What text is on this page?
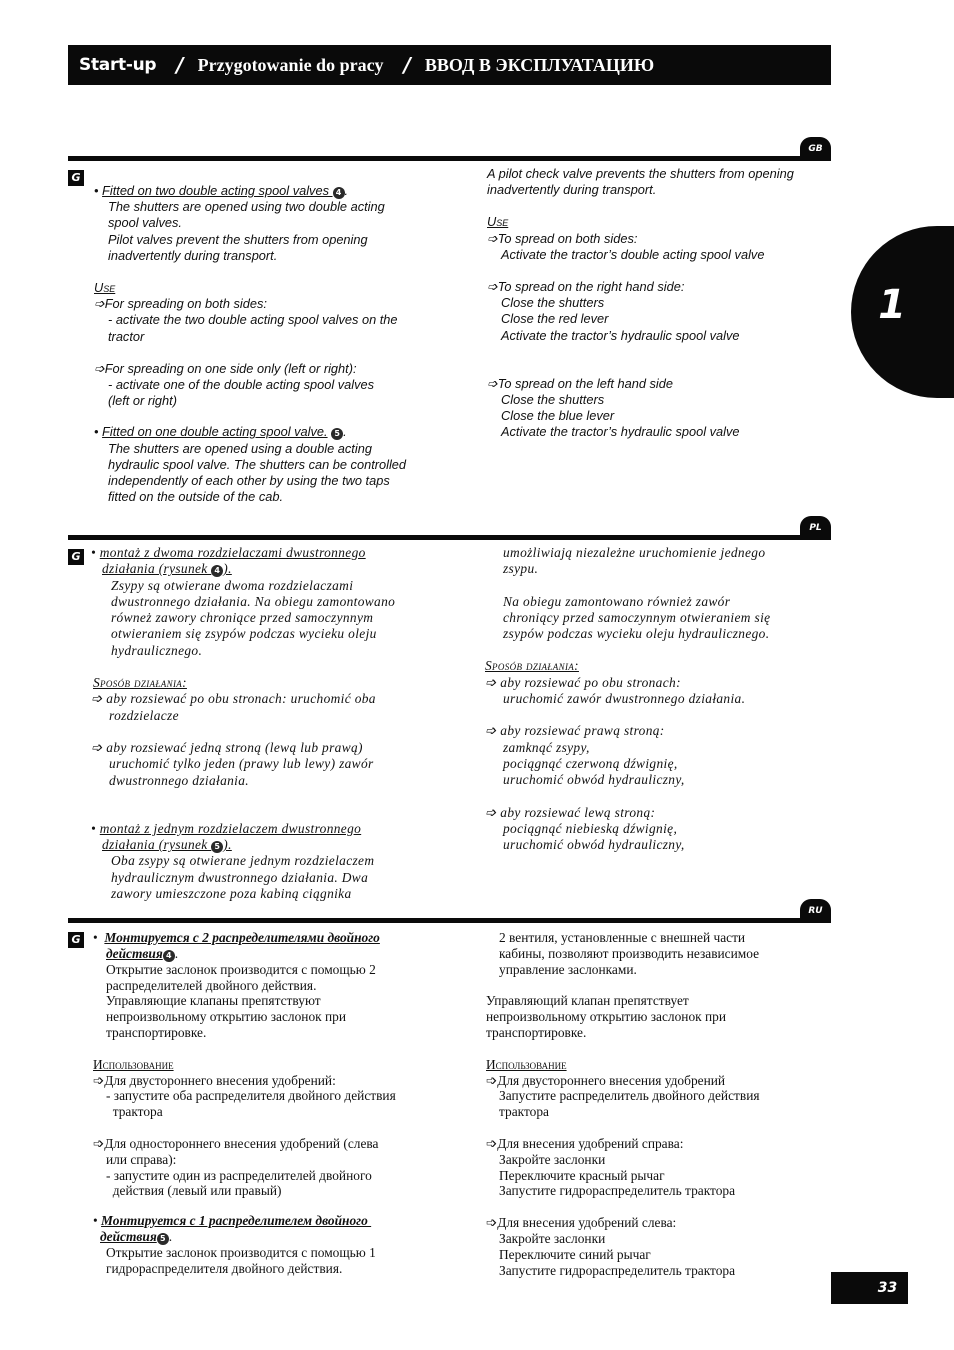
Start-up / Przygotowanie do pracy / ВВОД В ЭКСПЛУАТАЦИЮ
1
GB
G
• Fitted on two double acting spool valves 4 .
The shutters are opened using two double acting
spool valves.
Pilot valves prevent the shutters from opening
inadvertently during transport.
Use
➩For spreading on both sides:
- activate the two double acting spool valves on the
tractor
➩For spreading on one side only (left or right):
- activate one of the double acting spool valves
(left or right)
• Fitted on one double acting spool valve. 5 .
The shutters are opened using a double acting
hydraulic spool valve. The shutters can be controlled
independently of each other by using the two taps
fitted on the outside of the cab.
A pilot check valve prevents the shutters from opening
inadvertently during transport.
Use
➩To spread on both sides:
Activate the tractor’s double acting spool valve
➩To spread on the right hand side:
Close the shutters
Close the red lever
Activate the tractor’s hydraulic spool valve
➩To spread on the left hand side
Close the shutters
Close the blue lever
Activate the tractor’s hydraulic spool valve
PL
G • montaż z dwoma rozdzielaczami dwustronnego
działania (rysunek 4 ).
Zsypy są otwierane dwoma rozdzielaczami
dwustronnego działania. Na obiegu zamontowano
równeż zawory chroniące przed samoczynnym
otwieraniem się zsypów podczas wycieku oleju
hydraulicznego.
Sposób działania:
➩ aby rozsiewać po obu stronach: uruchomić oba
rozdzielacze
➩ aby rozsiewać jedną stroną (lewą lub prawą)
uruchomić tylko jeden (prawy lub lewy) zawór
dwustronnego działania.
• montaż z jednym rozdzielaczem dwustronnego
działania (rysunek 5 ).
Oba zsypy są otwierane jednym rozdzielaczem
hydraulicznym dwustronnego działania. Dwa
zawory umieszczone poza kabiną ciągnika
umożliwiają niezależne uruchomienie jednego
zsypu.
Na obiegu zamontowano również zawór
chroniący przed samoczynnym otwieraniem się
zsypów podczas wycieku oleju hydraulicznego.
Sposób działania:
➩ aby rozsiewać po obu stronach:
uruchomić zawór dwustronnego działania.
➩ aby rozsiewać prawą stroną:
zamknąć zsypy,
pociągnąć czerwoną dźwignię,
uruchomić obwód hydrauliczny,
➩ aby rozsiewać lewą stroną:
pociągnąć niebieską dźwignię,
uruchomić obwód hydrauliczny,
RU
G •  Монтируется с 2 распределителями двойного
действия 4 .
Открытие заслонок производится с помощью 2
распределителей двойного действия.
Управляющие клапаны препятствуют
непроизвольному открытию заслонок при
транспортировке.
Использование
➩Для двустороннего внесения удобрений:
- запустите оба распределителя двойного действия
трактора
➩Для одностороннего внесения удобрений (слева
или справа):
- запустите один из распределителей двойного
действия (левый или правый)
• Монтируется с 1 распределителем двойного
действия 5 .
Открытие заслонок производится с помощью 1
гидрораспределителя двойного действия.
2 вентиля, установленные с внешней части
кабины, позволяют производить независимое
управление заслонками.
Управляющий клапан препятствует
непроизвольному открытию заслонок при
транспортировке.
Использование
➩Для двустороннего внесения удобрений
Запустите распределитель двойного действия
трактора
➩Для внесения удобрений справа:
Закройте заслонки
Переключите красный рычаг
Запустите гидрораспределитель трактора
➩Для внесения удобрений слева:
Закройте заслонки
Переключите синий рычаг
Запустите гидрораспределитель трактора
33
